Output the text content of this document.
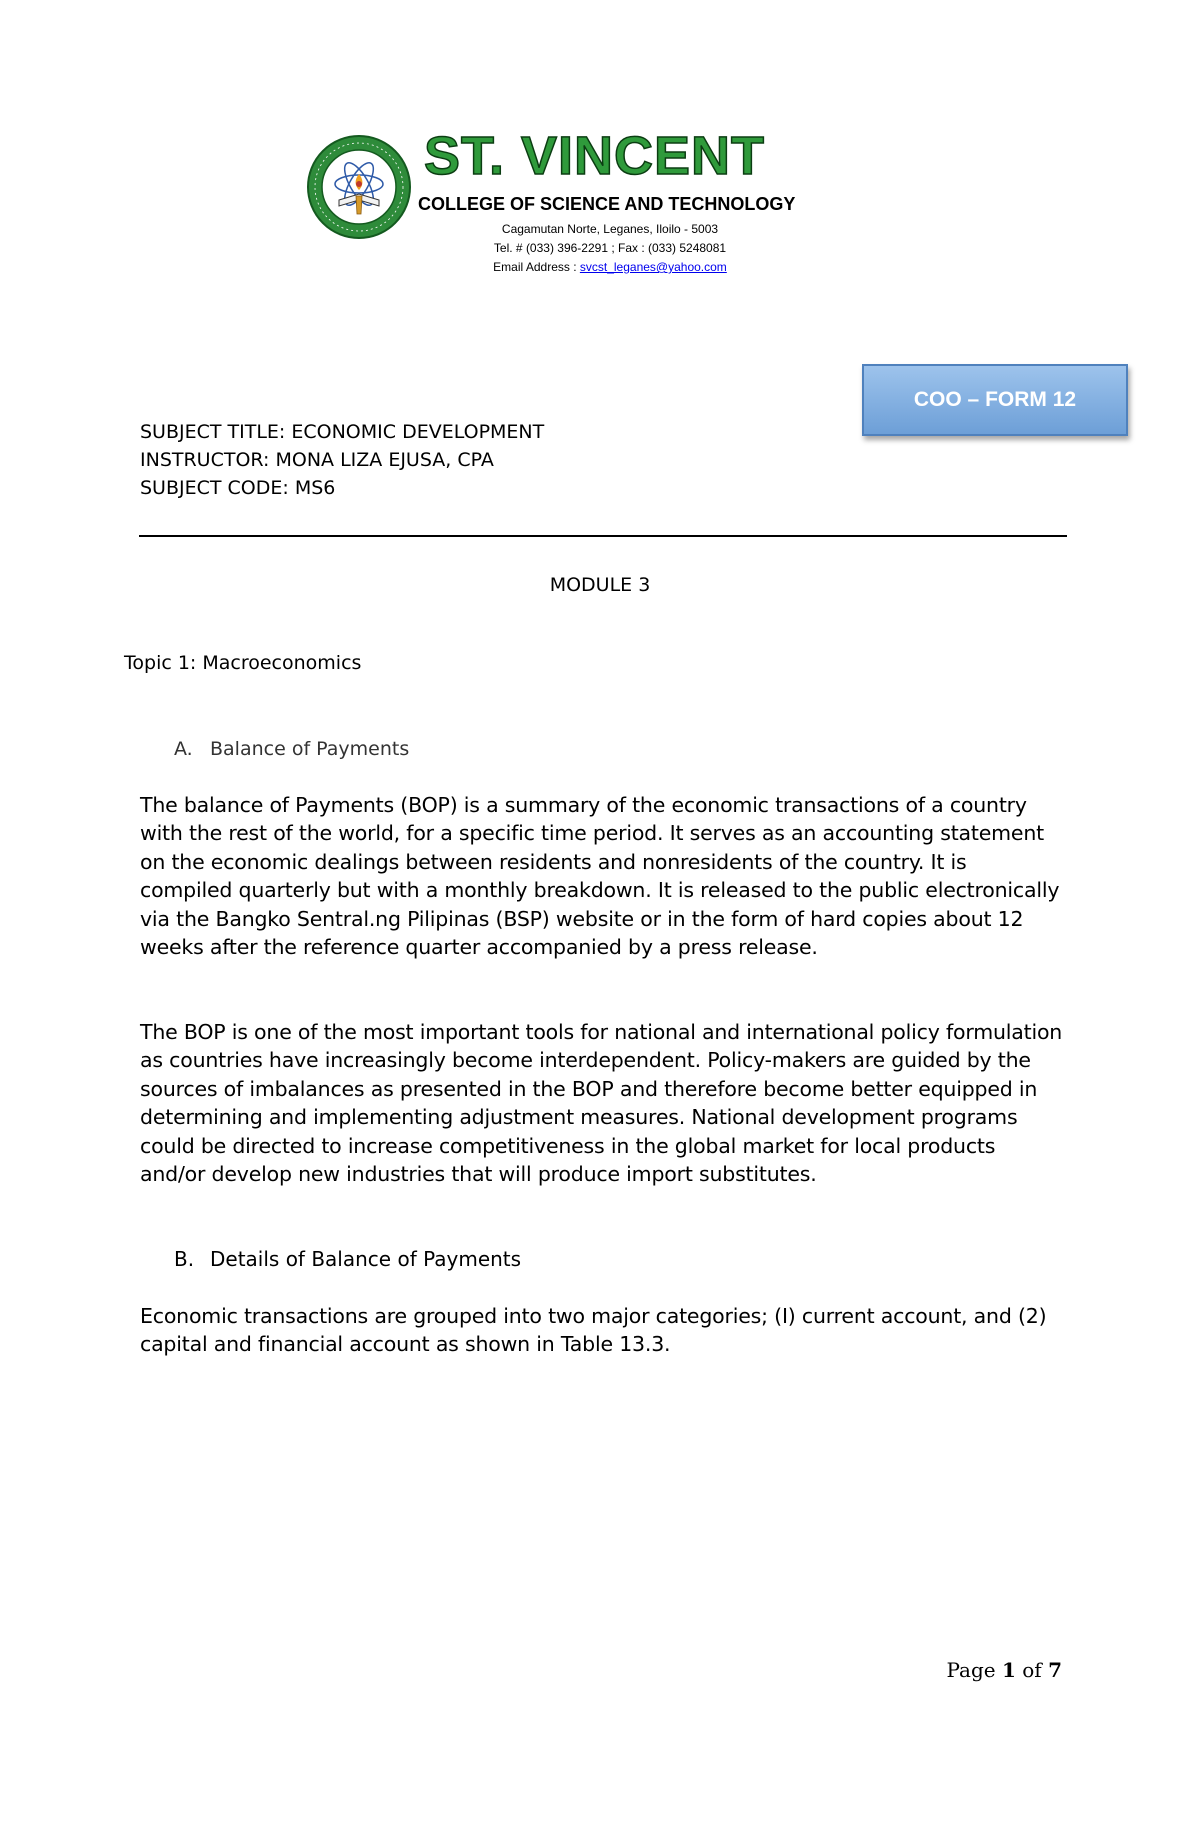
ST. VINCENT
COLLEGE OF SCIENCE AND TECHNOLOGY
Cagamutan Norte, Leganes, Iloilo - 5003
Tel. # (033) 396-2291 ; Fax : (033) 5248081
Email Address : svcst_leganes@yahoo.com
COO – FORM 12
SUBJECT TITLE: ECONOMIC DEVELOPMENT
INSTRUCTOR: MONA LIZA EJUSA, CPA
SUBJECT CODE: MS6
MODULE 3
Topic 1: Macroeconomics
A. Balance of Payments
The balance of Payments (BOP) is a summary of the economic transactions of a country with the rest of the world, for a specific time period. It serves as an accounting statement on the economic dealings between residents and nonresidents of the country. It is compiled quarterly but with a monthly breakdown. It is released to the public electronically via the Bangko Sentral.ng Pilipinas (BSP) website or in the form of hard copies about 12 weeks after the reference quarter accompanied by a press release.
The BOP is one of the most important tools for national and international policy formulation as countries have increasingly become interdependent. Policy-makers are guided by the sources of imbalances as presented in the BOP and therefore become better equipped in determining and implementing adjustment measures. National development programs could be directed to increase competitiveness in the global market for local products and/or develop new industries that will produce import substitutes.
B. Details of Balance of Payments
Economic transactions are grouped into two major categories; (I) current account, and (2) capital and financial account as shown in Table 13.3.
Page 1 of 7
